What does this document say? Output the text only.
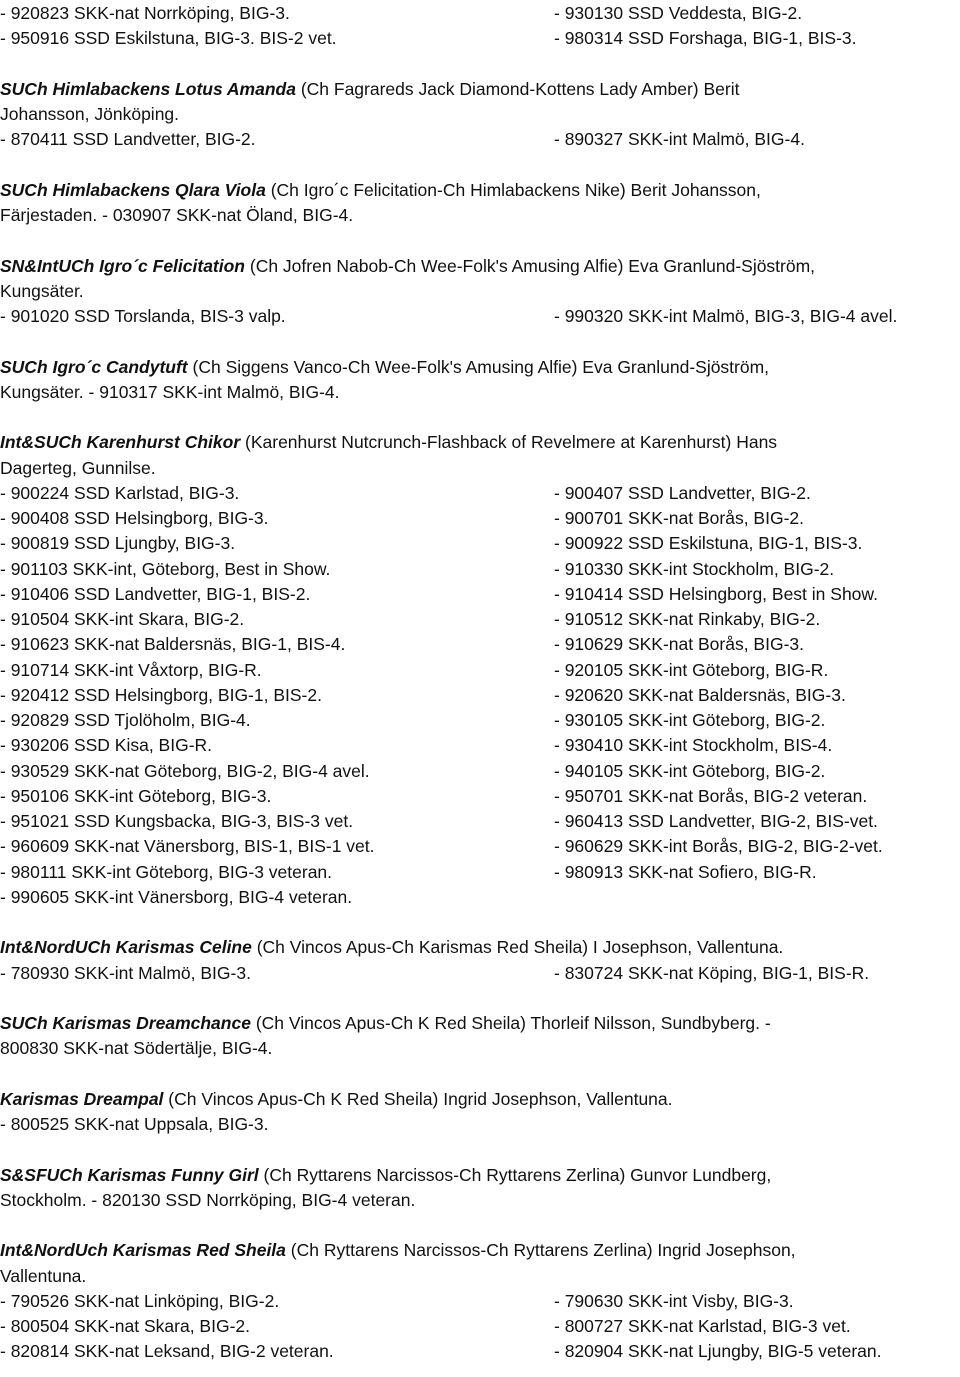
- 920823 SKK-nat Norrköping, BIG-3.	- 930130 SSD Veddesta, BIG-2.
- 950916 SSD Eskilstuna, BIG-3. BIS-2 vet.	- 980314 SSD Forshaga, BIG-1, BIS-3.
SUCh Himlabackens Lotus Amanda (Ch Fagrareds Jack Diamond-Kottens Lady Amber) Berit
Johansson, Jönköping.
- 870411 SSD Landvetter, BIG-2.	- 890327 SKK-int Malmö, BIG-4.
SUCh Himlabackens Qlara Viola (Ch Igro´c Felicitation-Ch Himlabackens Nike) Berit Johansson,
Färjestaden. - 030907 SKK-nat Öland, BIG-4.
SN&IntUCh Igro´c Felicitation (Ch Jofren Nabob-Ch Wee-Folk's Amusing Alfie) Eva Granlund-Sjöström,
Kungsäter.
- 901020 SSD Torslanda, BIS-3 valp.	- 990320 SKK-int Malmö, BIG-3, BIG-4 avel.
SUCh Igro´c Candytuft (Ch Siggens Vanco-Ch Wee-Folk's Amusing Alfie) Eva Granlund-Sjöström,
Kungsäter. - 910317 SKK-int Malmö, BIG-4.
Int&SUCh Karenhurst Chikor (Karenhurst Nutcrunch-Flashback of Revelmere at Karenhurst) Hans
Dagerteg, Gunnilse.
- 900224 SSD Karlstad, BIG-3.	- 900407 SSD Landvetter, BIG-2.
- 900408 SSD Helsingborg, BIG-3.	- 900701 SKK-nat Borås, BIG-2.
- 900819 SSD Ljungby, BIG-3.	- 900922 SSD Eskilstuna, BIG-1, BIS-3.
- 901103 SKK-int, Göteborg, Best in Show.	- 910330 SKK-int Stockholm, BIG-2.
- 910406 SSD Landvetter, BIG-1, BIS-2.	- 910414 SSD Helsingborg, Best in Show.
- 910504 SKK-int Skara, BIG-2.	- 910512 SKK-nat Rinkaby, BIG-2.
- 910623 SKK-nat Baldersnäs, BIG-1, BIS-4.	- 910629 SKK-nat Borås, BIG-3.
- 910714 SKK-int Våxtorp, BIG-R.	- 920105 SKK-int Göteborg, BIG-R.
- 920412 SSD Helsingborg, BIG-1, BIS-2.	- 920620 SKK-nat Baldersnäs, BIG-3.
- 920829 SSD Tjolöholm, BIG-4.	- 930105 SKK-int Göteborg, BIG-2.
- 930206 SSD Kisa, BIG-R.	- 930410 SKK-int Stockholm, BIS-4.
- 930529 SKK-nat Göteborg, BIG-2, BIG-4 avel.	- 940105 SKK-int Göteborg, BIG-2.
- 950106 SKK-int Göteborg, BIG-3.	- 950701 SKK-nat Borås, BIG-2 veteran.
- 951021 SSD Kungsbacka, BIG-3, BIS-3 vet.	- 960413 SSD Landvetter, BIG-2, BIS-vet.
- 960609 SKK-nat Vänersborg, BIS-1, BIS-1 vet.	- 960629 SKK-int Borås, BIG-2, BIG-2-vet.
- 980111 SKK-int Göteborg, BIG-3 veteran.	- 980913 SKK-nat Sofiero, BIG-R.
- 990605 SKK-int Vänersborg, BIG-4 veteran.
Int&NordUCh Karismas Celine (Ch Vincos Apus-Ch Karismas Red Sheila) I Josephson, Vallentuna.
- 780930 SKK-int Malmö, BIG-3.	- 830724 SKK-nat Köping, BIG-1, BIS-R.
SUCh Karismas Dreamchance (Ch Vincos Apus-Ch K Red Sheila) Thorleif Nilsson, Sundbyberg. -
800830 SKK-nat Södertälje, BIG-4.
Karismas Dreampal (Ch Vincos Apus-Ch K Red Sheila) Ingrid Josephson, Vallentuna.
- 800525 SKK-nat Uppsala, BIG-3.
S&SFUCh Karismas Funny Girl (Ch Ryttarens Narcissos-Ch Ryttarens Zerlina) Gunvor Lundberg,
Stockholm. - 820130 SSD Norrköping, BIG-4 veteran.
Int&NordUch Karismas Red Sheila (Ch Ryttarens Narcissos-Ch Ryttarens Zerlina) Ingrid Josephson,
Vallentuna.
- 790526 SKK-nat Linköping, BIG-2.	- 790630 SKK-int Visby, BIG-3.
- 800504 SKK-nat Skara, BIG-2.	- 800727 SKK-nat Karlstad, BIG-3 vet.
- 820814 SKK-nat Leksand, BIG-2 veteran.	- 820904 SKK-nat Ljungby, BIG-5 veteran.
